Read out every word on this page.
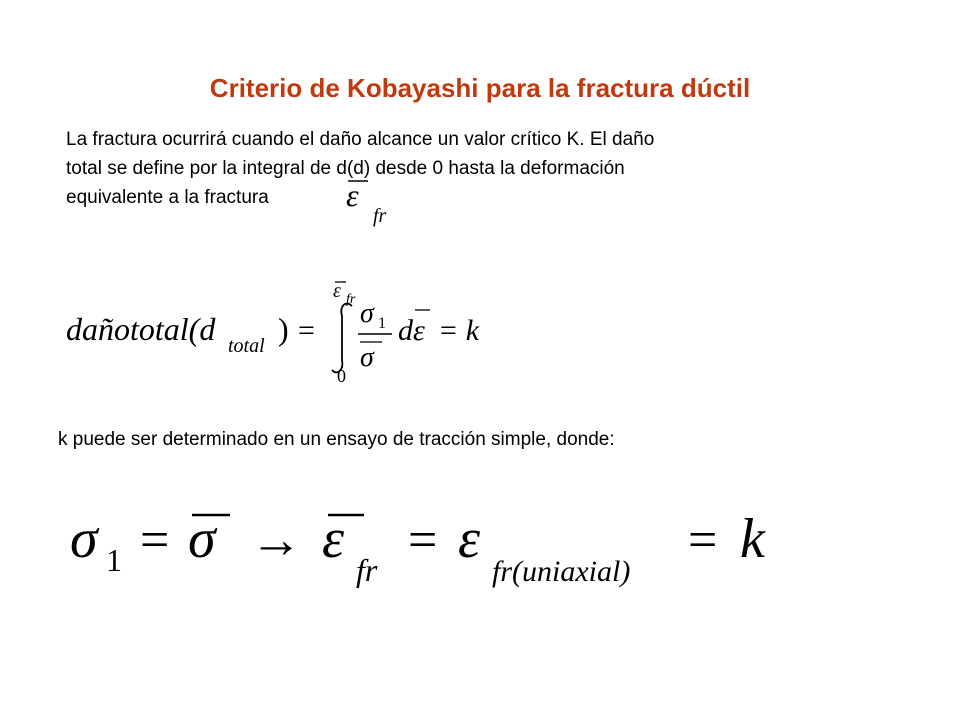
Criterio de Kobayashi para la fractura dúctil

La fractura ocurrirá cuando el daño alcance un valor crítico K. El daño
total se define por la integral de d(d) desde 0 hasta la deformación
equivalente a la fractura	ε
fr
dañototal(d total ) =
ε fr
0
σ 1
σ
dε = k
k puede ser determinado en un ensayo de tracción simple, donde:
σ 1 = σ → ε fr
= ε
fr(uniaxial)
= k
